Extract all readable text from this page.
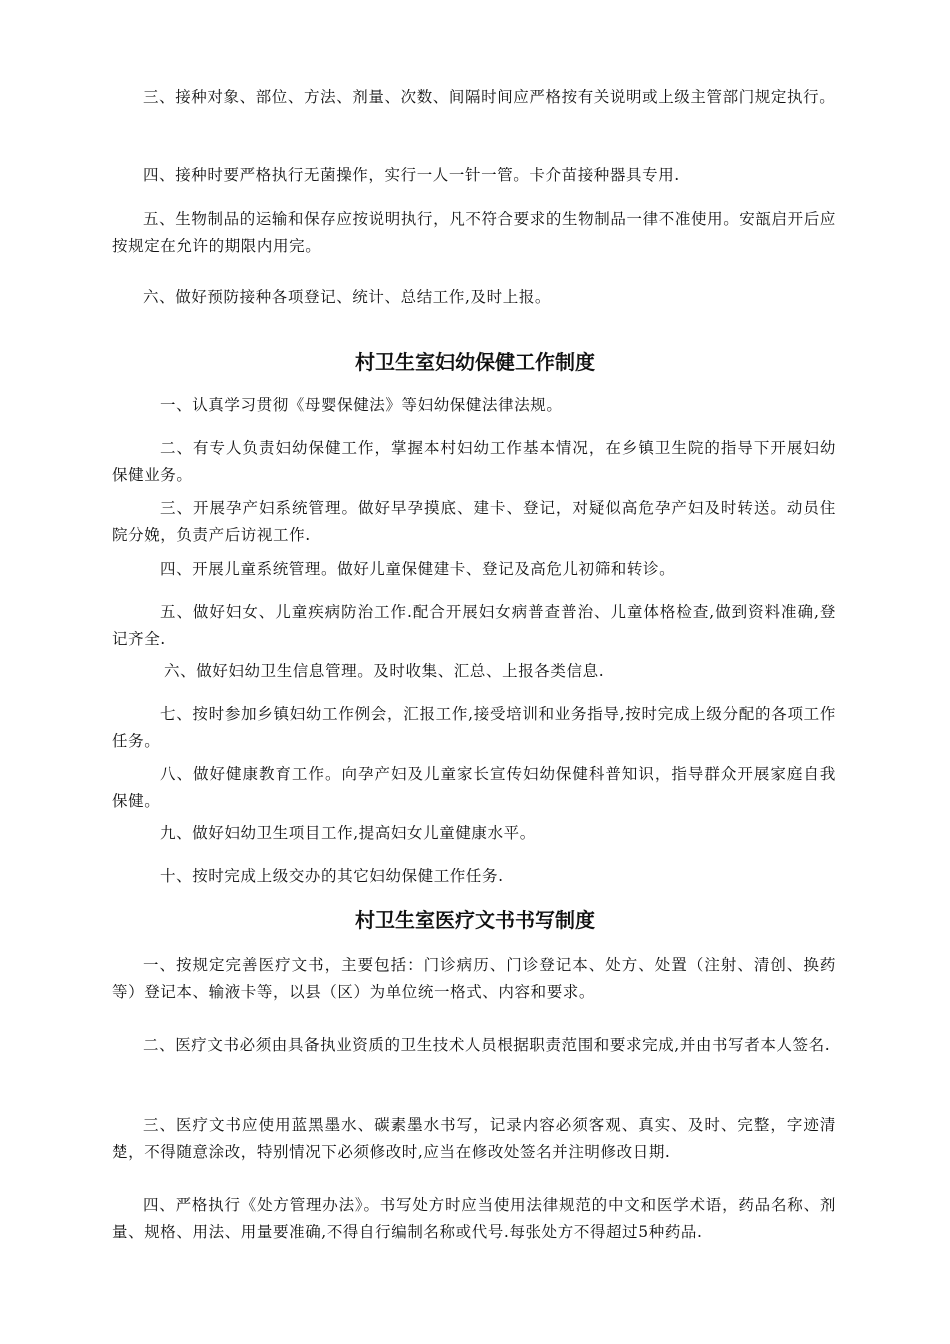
三、接种对象、部位、方法、剂量、次数、间隔时间应严格按有关说明或上级主管部门规定执行。

四、接种时要严格执行无菌操作，实行一人一针一管。卡介苗接种器具专用.

五、生物制品的运输和保存应按说明执行，凡不符合要求的生物制品一律不准使用。安瓿启开后应按规定在允许的期限内用完。

六、做好预防接种各项登记、统计、总结工作,及时上报。

村卫生室妇幼保健工作制度

一、认真学习贯彻《母婴保健法》等妇幼保健法律法规。

二、有专人负责妇幼保健工作，掌握本村妇幼工作基本情况，在乡镇卫生院的指导下开展妇幼保健业务。

三、开展孕产妇系统管理。做好早孕摸底、建卡、登记，对疑似高危孕产妇及时转送。动员住院分娩，负责产后访视工作.

四、开展儿童系统管理。做好儿童保健建卡、登记及高危儿初筛和转诊。

五、做好妇女、儿童疾病防治工作.配合开展妇女病普查普治、儿童体格检查,做到资料准确,登记齐全.

六、做好妇幼卫生信息管理。及时收集、汇总、上报各类信息.

七、按时参加乡镇妇幼工作例会，汇报工作,接受培训和业务指导,按时完成上级分配的各项工作任务。

八、做好健康教育工作。向孕产妇及儿童家长宣传妇幼保健科普知识，指导群众开展家庭自我保健。

九、做好妇幼卫生项目工作,提高妇女儿童健康水平。

十、按时完成上级交办的其它妇幼保健工作任务.

村卫生室医疗文书书写制度

一、按规定完善医疗文书，主要包括：门诊病历、门诊登记本、处方、处置（注射、清创、换药等）登记本、输液卡等，以县（区）为单位统一格式、内容和要求。

二、医疗文书必须由具备执业资质的卫生技术人员根据职责范围和要求完成,并由书写者本人签名.

三、医疗文书应使用蓝黑墨水、碳素墨水书写，记录内容必须客观、真实、及时、完整，字迹清楚，不得随意涂改，特别情况下必须修改时,应当在修改处签名并注明修改日期.

四、严格执行《处方管理办法》。书写处方时应当使用法律规范的中文和医学术语，药品名称、剂量、规格、用法、用量要准确,不得自行编制名称或代号.每张处方不得超过5种药品.
